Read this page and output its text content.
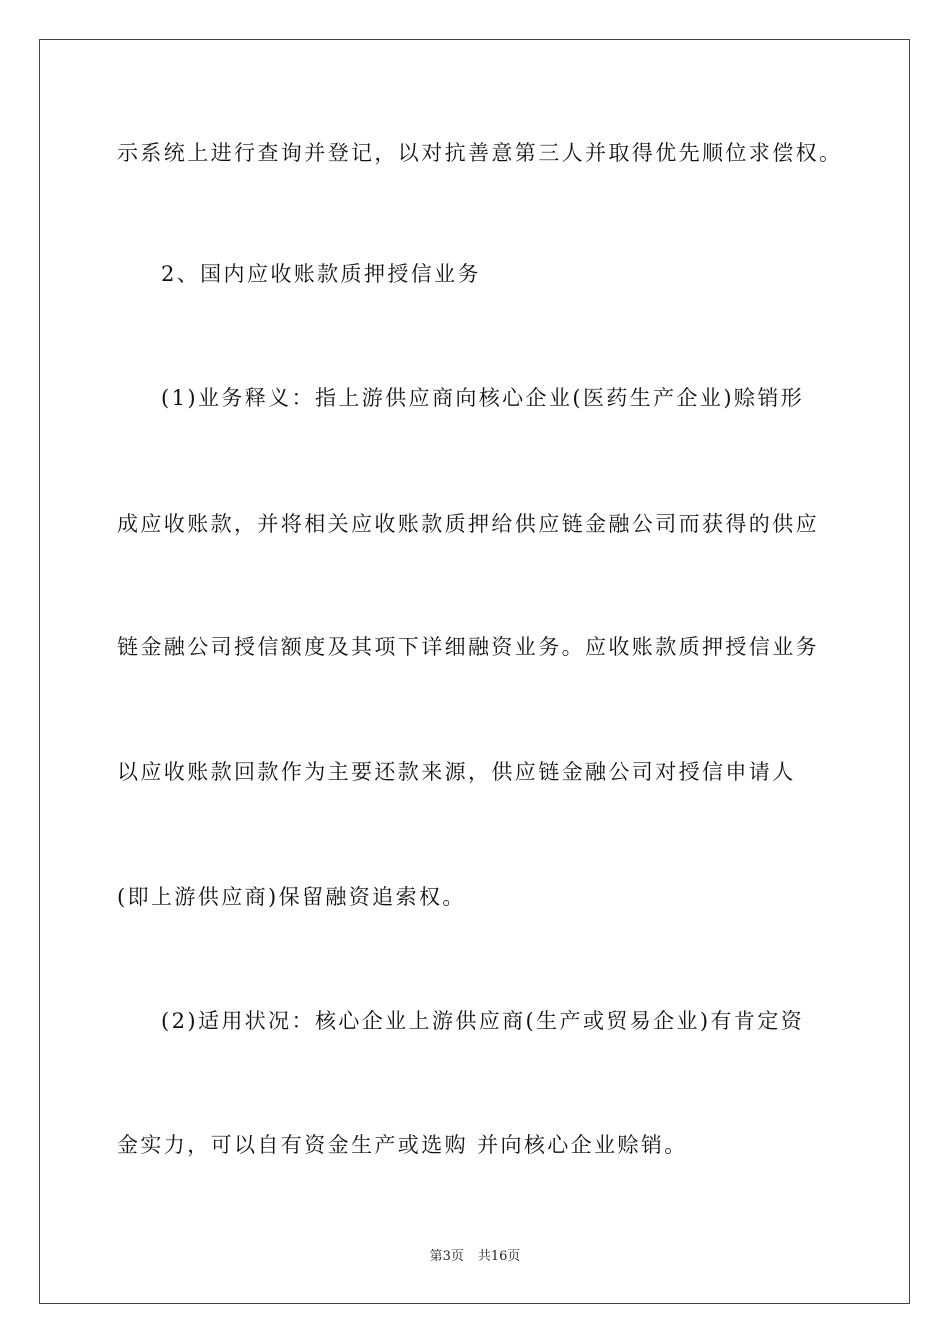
示系统上进行查询并登记，以对抗善意第三人并取得优先顺位求偿权。
2、国内应收账款质押授信业务
(1)业务释义：指上游供应商向核心企业(医药生产企业)赊销形
成应收账款，并将相关应收账款质押给供应链金融公司而获得的供应
链金融公司授信额度及其项下详细融资业务。应收账款质押授信业务
以应收账款回款作为主要还款来源，供应链金融公司对授信申请人
(即上游供应商)保留融资追索权。
(2)适用状况：核心企业上游供应商(生产或贸易企业)有肯定资
金实力，可以自有资金生产或选购 并向核心企业赊销。
第3页 共16页
